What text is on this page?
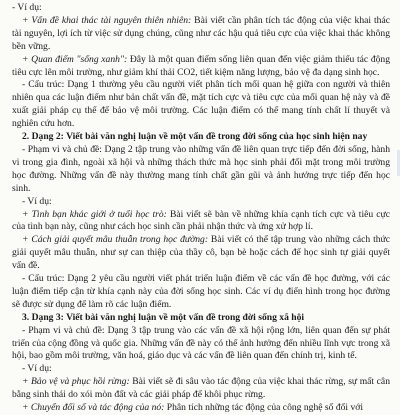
- Ví dụ:

+ Vấn đề khai thác tài nguyên thiên nhiên: Bài viết cần phân tích tác động của việc khai thác tài nguyên, lợi ích từ việc sử dụng chúng, cũng như các hậu quả tiêu cực của việc khai thác không bền vững.

+ Quan điểm "sống xanh": Đây là một quan điểm sống liên quan đến việc giảm thiểu tác động tiêu cực lên môi trường, như giảm khí thải CO2, tiết kiệm năng lượng, bảo vệ đa dạng sinh học.

- Cấu trúc: Dạng 1 thường yêu cầu người viết phân tích mối quan hệ giữa con người và thiên nhiên qua các luận điểm như bản chất vấn đề, mặt tích cực và tiêu cực của mối quan hệ này và đề xuất giải pháp cụ thể để bảo vệ môi trường. Các luận điểm có thể mang tính chất lí thuyết và nghiên cứu hơn.

2. Dạng 2: Viết bài văn nghị luận về một vấn đề trong đời sống của học sinh hiện nay

- Phạm vi và chủ đề: Dạng 2 tập trung vào những vấn đề liên quan trực tiếp đến đời sống, hành vi trong gia đình, ngoài xã hội và những thách thức mà học sinh phải đối mặt trong môi trường học đường. Những vấn đề này thường mang tính chất gần gũi và ảnh hưởng trực tiếp đến học sinh.

- Ví dụ:

+ Tình bạn khác giới ở tuổi học trò: Bài viết sẽ bàn về những khía cạnh tích cực và tiêu cực của tình bạn này, cũng như cách học sinh cần phải nhận thức và ứng xử hợp lí.

+ Cách giải quyết mâu thuẫn trong học đường: Bài viết có thể tập trung vào những cách thức giải quyết mâu thuẫn, như sự can thiệp của thầy cô, bạn bè hoặc cách để học sinh tự giải quyết vấn đề.

- Cấu trúc: Dạng 2 yêu cầu người viết phát triển luận điểm về các vấn đề học đường, với các luận điểm tiếp cận từ khía cạnh này của đời sống học sinh. Các ví dụ điển hình trong học đường sẽ được sử dụng để làm rõ các luận điểm.

3. Dạng 3: Viết bài văn nghị luận về một vấn đề trong đời sống xã hội

- Phạm vi và chủ đề: Dạng 3 tập trung vào các vấn đề xã hội rộng lớn, liên quan đến sự phát triển của cộng đồng và quốc gia. Những vấn đề này có thể ảnh hưởng đến nhiều lĩnh vực trong xã hội, bao gồm môi trường, văn hoá, giáo dục và các vấn đề liên quan đến chính trị, kinh tế.

- Ví dụ:

+ Bảo vệ và phục hồi rừng: Bài viết sẽ đi sâu vào tác động của việc khai thác rừng, sự mất cân bằng sinh thái do xói mòn đất và các giải pháp để khôi phục rừng.

+ Chuyển đổi số và tác động của nó: Phân tích những tác động của công nghệ số đối với
